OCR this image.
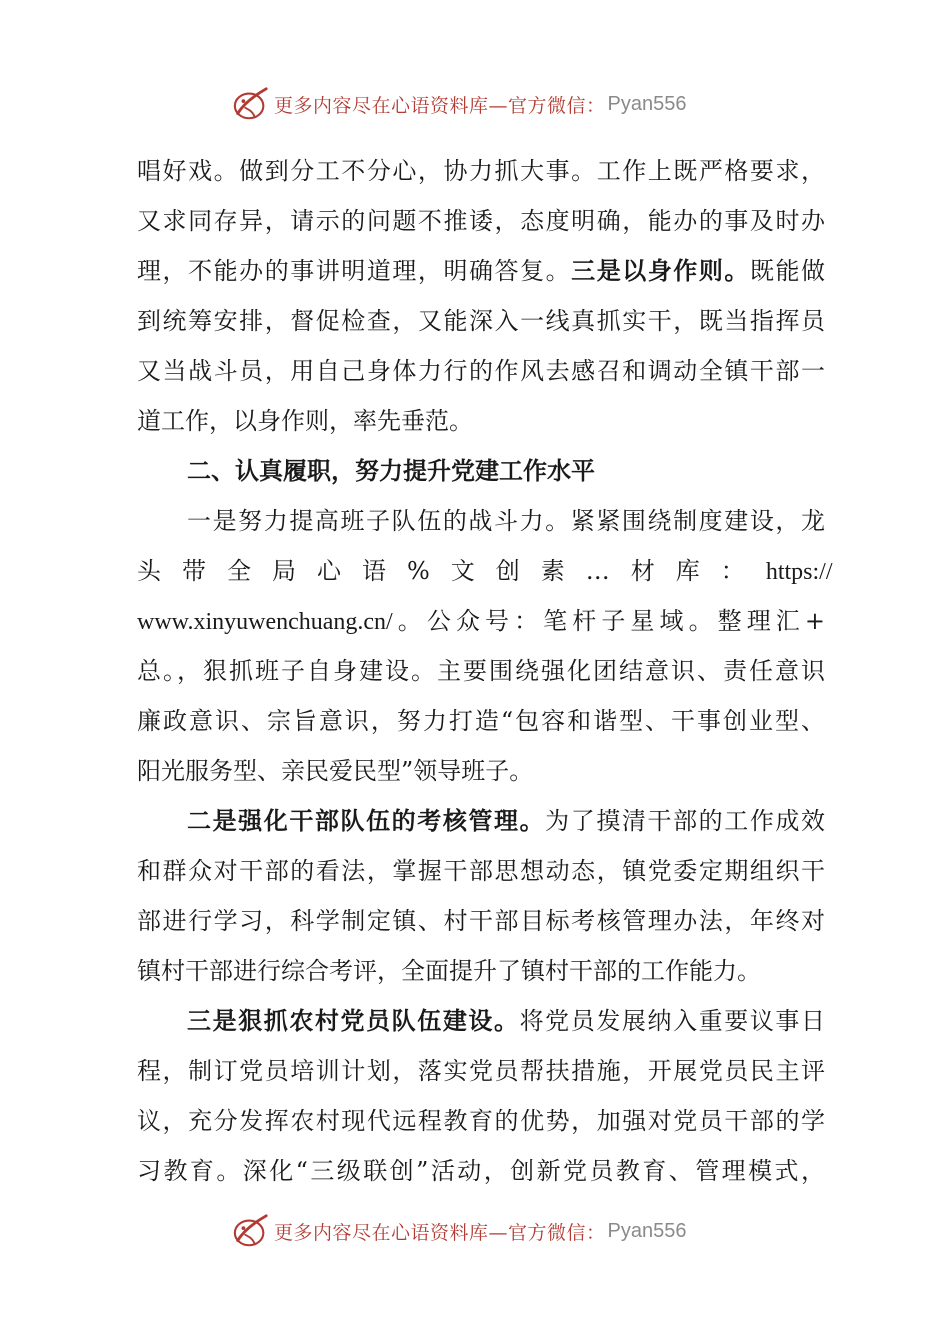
更多内容尽在心语资料库—官方微信： Pyan556
唱好戏。做到分工不分心，协力抓大事。工作上既严格要求，
又求同存异，请示的问题不推诿，态度明确，能办的事及时办
理，不能办的事讲明道理，明确答复。三是以身作则。既能做
到统筹安排，督促检查，又能深入一线真抓实干，既当指挥员
又当战斗员，用自己身体力行的作风去感召和调动全镇干部一
道工作，以身作则，率先垂范。
二、认真履职，努力提升党建工作水平
一是努力提高班子队伍的战斗力。紧紧围绕制度建设，龙
头带全局心语%文创素…材库：https://
www.xinyuwenchuang.cn/。公众号：笔杆子星域。整理汇+
总。，狠抓班子自身建设。主要围绕强化团结意识、责任意识
廉政意识、宗旨意识，努力打造“包容和谐型、干事创业型、
阳光服务型、亲民爱民型”领导班子。
二是强化干部队伍的考核管理。为了摸清干部的工作成效
和群众对干部的看法，掌握干部思想动态，镇党委定期组织干
部进行学习，科学制定镇、村干部目标考核管理办法，年终对
镇村干部进行综合考评，全面提升了镇村干部的工作能力。
三是狠抓农村党员队伍建设。将党员发展纳入重要议事日
程，制订党员培训计划，落实党员帮扶措施，开展党员民主评
议，充分发挥农村现代远程教育的优势，加强对党员干部的学
习教育。深化“三级联创”活动，创新党员教育、管理模式，
更多内容尽在心语资料库—官方微信： Pyan556
